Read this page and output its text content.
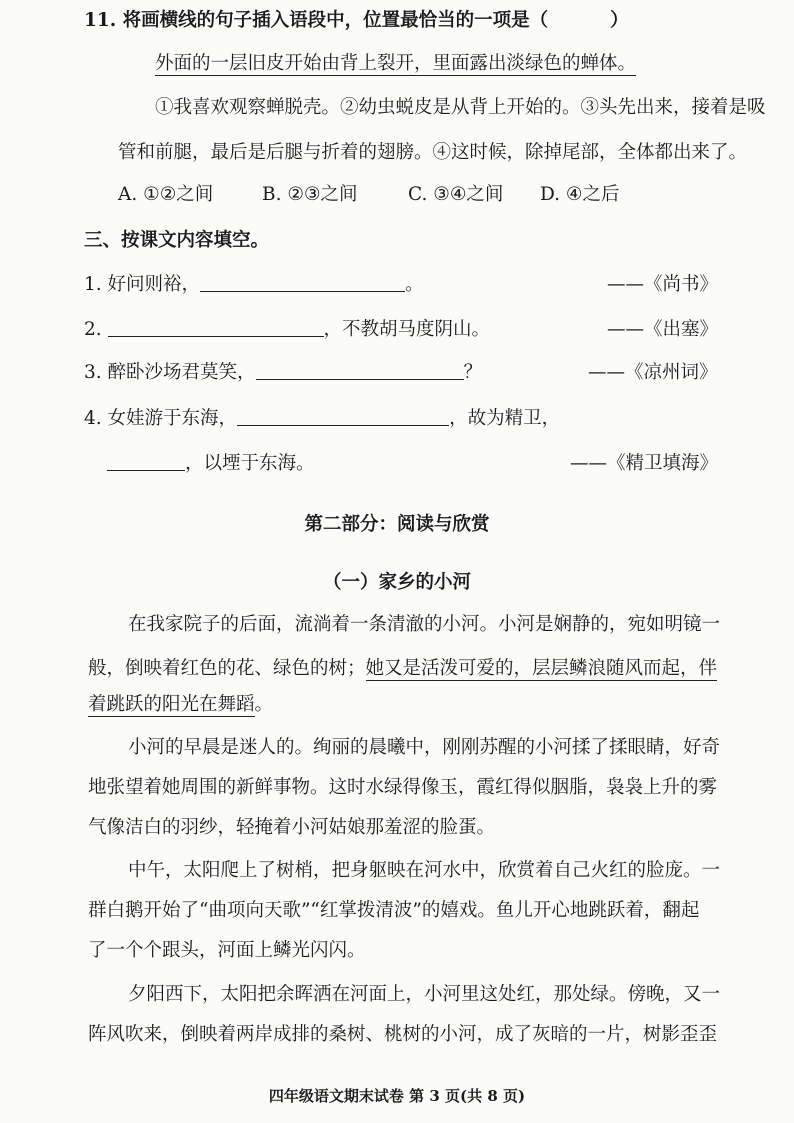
11. 将画横线的句子插入语段中，位置最恰当的一项是（	）
外面的一层旧皮开始由背上裂开，里面露出淡绿色的蝉体。
①我喜欢观察蝉脱壳。②幼虫蜕皮是从背上开始的。③头先出来，接着是吸
管和前腿，最后是后腿与折着的翅膀。④这时候，除掉尾部，全体都出来了。
A. ①②之间	B. ②③之间	C. ③④之间 D. ④之后
三、按课文内容填空。
1. 好问则裕，	。	——《尚书》
2.	，不教胡马度阴山。	——《出塞》
3. 醉卧沙场君莫笑，	？	——《凉州词》
4. 女娃游于东海，	，故为精卫，
，以堙于东海。	——《精卫填海》
第二部分：阅读与欣赏
（一）家乡的小河
在我家院子的后面，流淌着一条清澈的小河。小河是娴静的，宛如明镜一
般，倒映着红色的花、绿色的树；她又是活泼可爱的，层层鳞浪随风而起，伴
着跳跃的阳光在舞蹈。
小河的早晨是迷人的。绚丽的晨曦中，刚刚苏醒的小河揉了揉眼睛，好奇
地张望着她周围的新鲜事物。这时水绿得像玉，霞红得似胭脂，袅袅上升的雾
气像洁白的羽纱，轻掩着小河姑娘那羞涩的脸蛋。
中午，太阳爬上了树梢，把身躯映在河水中，欣赏着自己火红的脸庞。一
群白鹅开始了“曲项向天歌”“红掌拨清波”的嬉戏。鱼儿开心地跳跃着，翻起
了一个个跟头，河面上鳞光闪闪。
夕阳西下，太阳把余晖洒在河面上，小河里这处红，那处绿。傍晚，又一
阵风吹来，倒映着两岸成排的桑树、桃树的小河，成了灰暗的一片，树影歪歪
四年级语文期末试卷 第 3 页(共 8 页)
